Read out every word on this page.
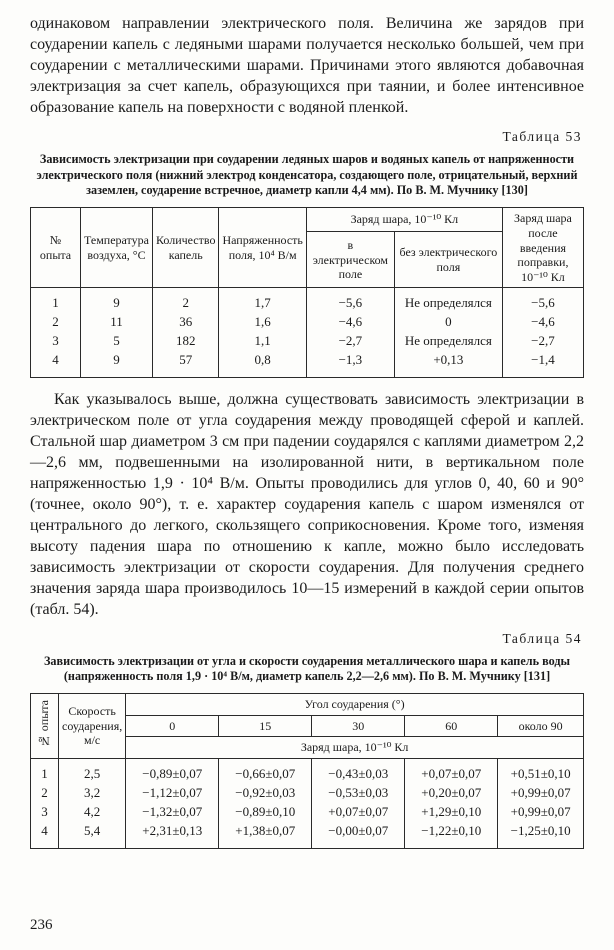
одинаковом направлении электрического поля. Величина же зарядов при соударении капель с ледяными шарами получается несколько большей, чем при соударении с металлическими шарами. Причинами этого являются добавочная электризация за счет капель, образующихся при таянии, и более интенсивное образование капель на поверхности с водяной пленкой.

Таблица 53
Зависимость электризации при соударении ледяных шаров и водяных капель от напряженности электрического поля (нижний электрод конденсатора, создающего поле, отрицательный, верхний заземлен, соударение встречное, диаметр капли 4,4 мм). По В. М. Мучнику [130]
№ опыта	Температура воздуха, °С	Количество капель	Напряженность поля, 10⁴ В/м	Заряд шара, 10⁻¹⁰ Кл		Заряд шара после введения поправки, 10⁻¹⁰ Кл
				в электрическом поле	без электрического поля	
1	9	2	1,7	−5,6	Не определялся	−5,6
2	11	36	1,6	−4,6	0	−4,6
3	5	182	1,1	−2,7	Не определялся	−2,7
4	9	57	0,8	−1,3	+0,13	−1,4

Как указывалось выше, должна существовать зависимость электризации в электрическом поле от угла соударения между проводящей сферой и каплей. Стальной шар диаметром 3 см при падении соударялся с каплями диаметром 2,2—2,6 мм, подвешенными на изолированной нити, в вертикальном поле напряженностью 1,9 · 10⁴ В/м. Опыты проводились для углов 0, 40, 60 и 90° (точнее, около 90°), т. е. характер соударения капель с шаром изменялся от центрального до легкого, скользящего соприкосновения. Кроме того, изменяя высоту падения шара по отношению к капле, можно было исследовать зависимость электризации от скорости соударения. Для получения среднего значения заряда шара производилось 10—15 измерений в каждой серии опытов (табл. 54).

Таблица 54
Зависимость электризации от угла и скорости соударения металлического шара и капель воды (напряженность поля 1,9 · 10⁴ В/м, диаметр капель 2,2—2,6 мм). По В. М. Мучнику [131]
№ опыта	Скорость соударения, м/с	Угол соударения (°)				
		0	15	30	60	около 90
		Заряд шара, 10⁻¹⁰ Кл				
1	2,5	−0,89±0,07	−0,66±0,07	−0,43±0,03	+0,07±0,07	+0,51±0,10
2	3,2	−1,12±0,07	−0,92±0,03	−0,53±0,03	+0,20±0,07	+0,99±0,07
3	4,2	−1,32±0,07	−0,89±0,10	+0,07±0,07	+1,29±0,10	+0,99±0,07
4	5,4	+2,31±0,13	+1,38±0,07	−0,00±0,07	−1,22±0,10	−1,25±0,10
236
